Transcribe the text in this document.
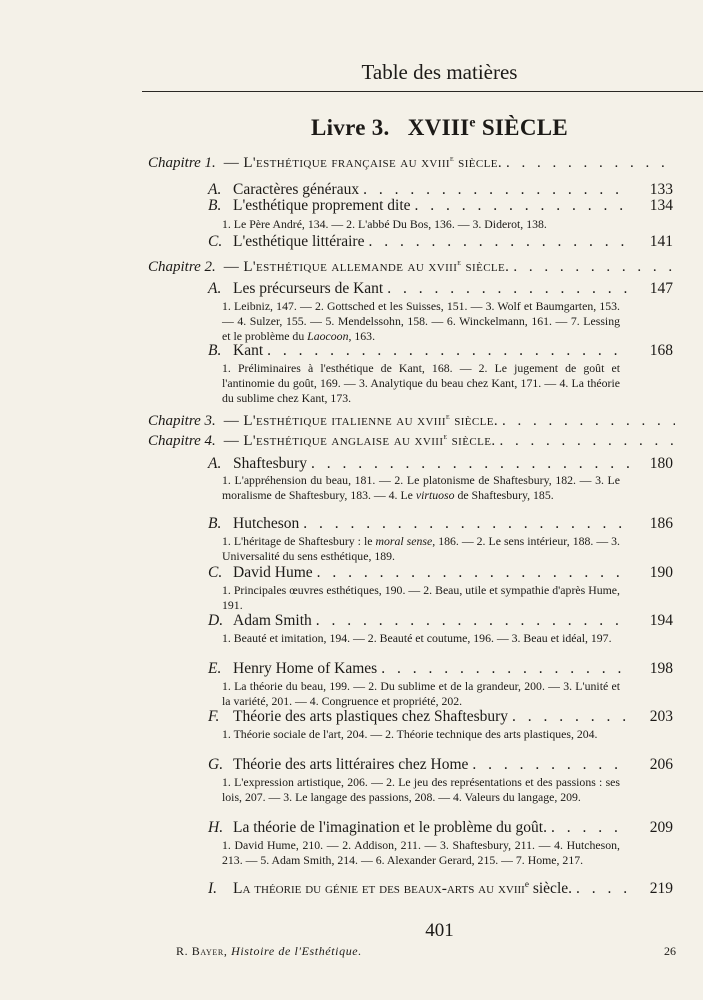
Table des matières
Livre 3. XVIIIe SIÈCLE
Chapitre 1. — L'esthétique française au xviii$^e$ siècle.
. . .
A. Caractères généraux . . .	133
B. L'esthétique proprement dite . . .	134
1. Le Père André, 134. — 2. L'abbé Du Bos, 136. — 3. Diderot, 138.
C. L'esthétique littéraire . . .	141
Chapitre 2. — L'esthétique allemande au xviii$^e$ siècle.
. . .
A. Les précurseurs de Kant . . .	147
1. Leibniz, 147. — 2. Gottsched et les Suisses, 151. — 3. Wolf et Baumgarten, 153. — 4. Sulzer, 155. — 5. Mendelssohn, 158. — 6. Winckelmann, 161. — 7. Lessing et le problème du Laocoon, 163.
B. Kant . . .	168
1. Préliminaires à l'esthétique de Kant, 168. — 2. Le jugement de goût et l'antinomie du goût, 169. — 3. Analytique du beau chez Kant, 171. — 4. La théorie du sublime chez Kant, 173.
Chapitre 3. — L'esthétique italienne au xviii$^e$ siècle.
. . .
Chapitre 4. — L'esthétique anglaise au xviii$^e$ siècle.
. . .
A. Shaftesbury . . .	180
1. L'appréhension du beau, 181. — 2. Le platonisme de Shaftesbury, 182. — 3. Le moralisme de Shaftesbury, 183. — 4. Le virtuoso de Shaftesbury, 185.
B. Hutcheson . . .	186
1. L'héritage de Shaftesbury : le moral sense, 186. — 2. Le sens intérieur, 188. — 3. Universalité du sens esthétique, 189.
C. David Hume . . .	190
1. Principales œuvres esthétiques, 190. — 2. Beau, utile et sympathie d'après Hume, 191.
D. Adam Smith . . .	194
1. Beauté et imitation, 194. — 2. Beauté et coutume, 196. — 3. Beau et idéal, 197.
E. Henry Home of Kames . . .	198
1. La théorie du beau, 199. — 2. Du sublime et de la grandeur, 200. — 3. L'unité et la variété, 201. — 4. Congruence et propriété, 202.
F. Théorie des arts plastiques chez Shaftesbury . . .	203
1. Théorie sociale de l'art, 204. — 2. Théorie technique des arts plastiques, 204.
G. Théorie des arts littéraires chez Home . . .	206
1. L'expression artistique, 206. — 2. Le jeu des représentations et des passions : ses lois, 207. — 3. Le langage des passions, 208. — 4. Valeurs du langage, 209.
H. La théorie de l'imagination et le problème du goût. . . .	209
1. David Hume, 210. — 2. Addison, 211. — 3. Shaftesbury, 211. — 4. Hutcheson, 213. — 5. Adam Smith, 214. — 6. Alexander Gerard, 215. — 7. Home, 217.
I.	La théorie du génie et des beaux-arts au xviii$^e$ siècle. . . .	219
401
R. Bayer, Histoire de l'Esthétique.	26
